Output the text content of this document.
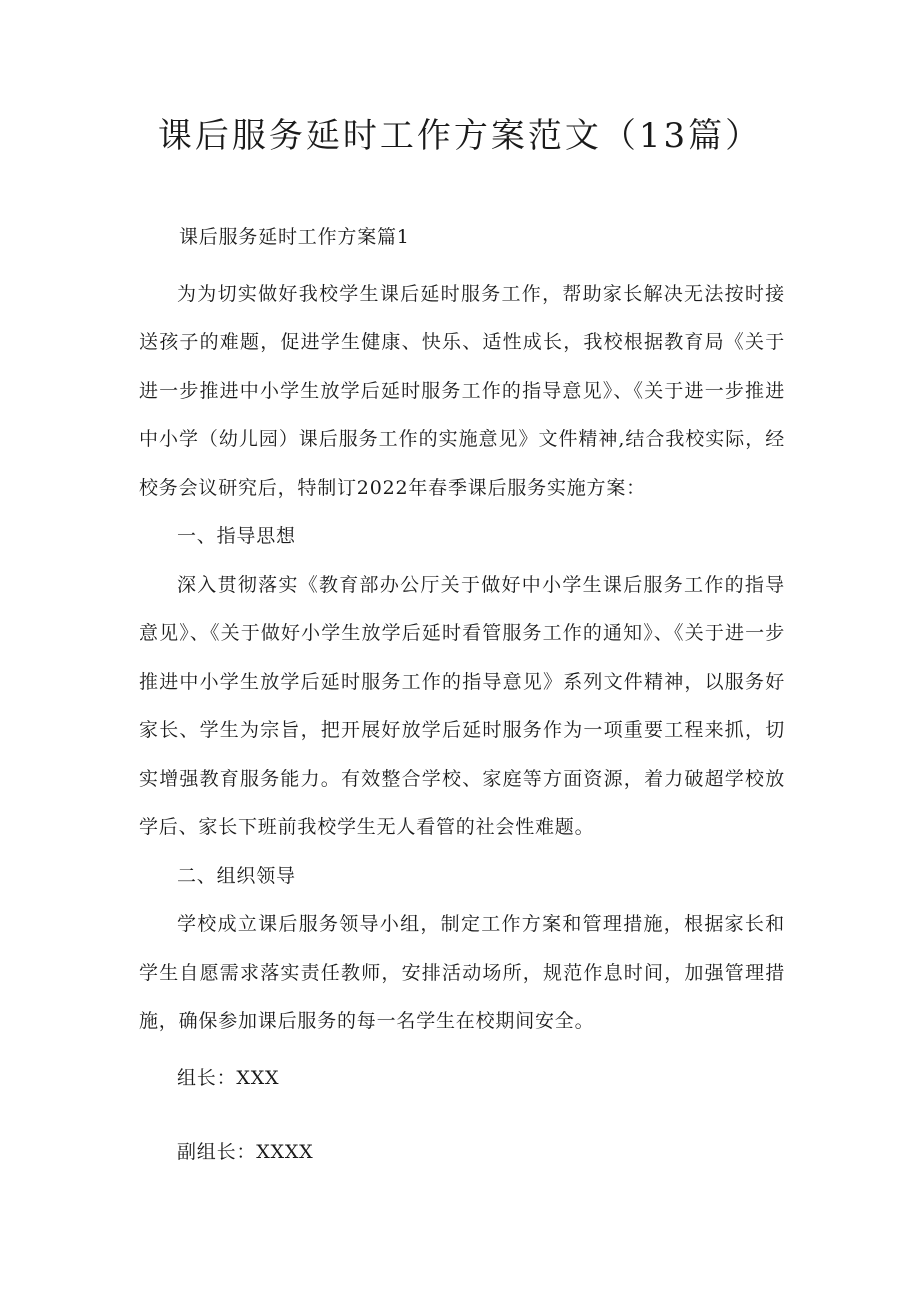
课后服务延时工作方案范文（13篇）

课后服务延时工作方案篇1

为为切实做好我校学生课后延时服务工作，帮助家长解决无法按时接送孩子的难题，促进学生健康、快乐、适性成长，我校根据教育局《关于进一步推进中小学生放学后延时服务工作的指导意见》、《关于进一步推进中小学（幼儿园）课后服务工作的实施意见》文件精神,结合我校实际，经校务会议研究后，特制订2022年春季课后服务实施方案：

一、指导思想

深入贯彻落实《教育部办公厅关于做好中小学生课后服务工作的指导意见》、《关于做好小学生放学后延时看管服务工作的通知》、《关于进一步推进中小学生放学后延时服务工作的指导意见》系列文件精神，以服务好家长、学生为宗旨，把开展好放学后延时服务作为一项重要工程来抓，切实增强教育服务能力。有效整合学校、家庭等方面资源，着力破超学校放学后、家长下班前我校学生无人看管的社会性难题。

二、组织领导

学校成立课后服务领导小组，制定工作方案和管理措施，根据家长和学生自愿需求落实责任教师，安排活动场所，规范作息时间，加强管理措施，确保参加课后服务的每一名学生在校期间安全。

组长：XXX

副组长：XXXX
